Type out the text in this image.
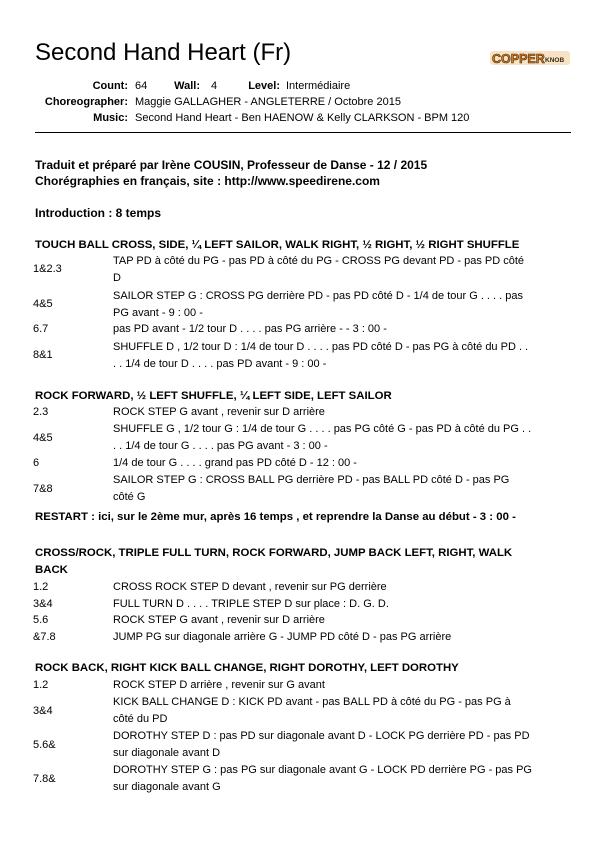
Second Hand Heart (Fr)	COPPER KNOB
Count: 64	Wall: 4	Level: Intermédiaire
Choreographer: Maggie GALLAGHER - ANGLETERRE / Octobre 2015
Music: Second Hand Heart - Ben HAENOW & Kelly CLARKSON - BPM 120
Traduit et préparé par Irène COUSIN, Professeur de Danse - 12 / 2015
Chorégraphies en français, site : http://www.speedirene.com
Introduction : 8 temps
TOUCH BALL CROSS, SIDE, ¼ LEFT SAILOR, WALK RIGHT, ½ RIGHT, ½ RIGHT SHUFFLE
1&2.3
TAP PD à côté du PG - pas PD à côté du PG - CROSS PG devant PD - pas PD côté
D
4&5
SAILOR STEP G : CROSS PG derrière PD - pas PD côté D - 1/4 de tour G . . . . pas
PG avant - 9 : 00 -
6.7	pas PD avant - 1/2 tour D . . . . pas PG arrière - - 3 : 00 -
8&1
SHUFFLE D , 1/2 tour D : 1/4 de tour D . . . . pas PD côté D - pas PG à côté du PD . .
. . 1/4 de tour D . . . . pas PD avant - 9 : 00 -
ROCK FORWARD, ½ LEFT SHUFFLE, ¼ LEFT SIDE, LEFT SAILOR
2.3	ROCK STEP G avant , revenir sur D arrière
4&5
SHUFFLE G , 1/2 tour G : 1/4 de tour G . . . . pas PG côté G - pas PD à côté du PG . .
. . 1/4 de tour G . . . . pas PG avant - 3 : 00 -
6	1/4 de tour G . . . . grand pas PD côté D - 12 : 00 -
7&8
SAILOR STEP G : CROSS BALL PG derrière PD - pas BALL PD côté D - pas PG
côté G
RESTART : ici, sur le 2ème mur, après 16 temps , et reprendre la Danse au début - 3 : 00 -
CROSS/ROCK, TRIPLE FULL TURN, ROCK FORWARD, JUMP BACK LEFT, RIGHT, WALK
BACK
1.2	CROSS ROCK STEP D devant , revenir sur PG derrière
3&4	FULL TURN D . . . . TRIPLE STEP D sur place : D. G. D.
5.6	ROCK STEP G avant , revenir sur D arrière
&7.8	JUMP PG sur diagonale arrière G - JUMP PD côté D - pas PG arrière
ROCK BACK, RIGHT KICK BALL CHANGE, RIGHT DOROTHY, LEFT DOROTHY
1.2	ROCK STEP D arrière , revenir sur G avant
3&4
KICK BALL CHANGE D : KICK PD avant - pas BALL PD à côté du PG - pas PG à
côté du PD
5.6&
DOROTHY STEP D : pas PD sur diagonale avant D - LOCK PG derrière PD - pas PD
sur diagonale avant D
7.8&
DOROTHY STEP G : pas PG sur diagonale avant G - LOCK PD derrière PG - pas PG
sur diagonale avant G
